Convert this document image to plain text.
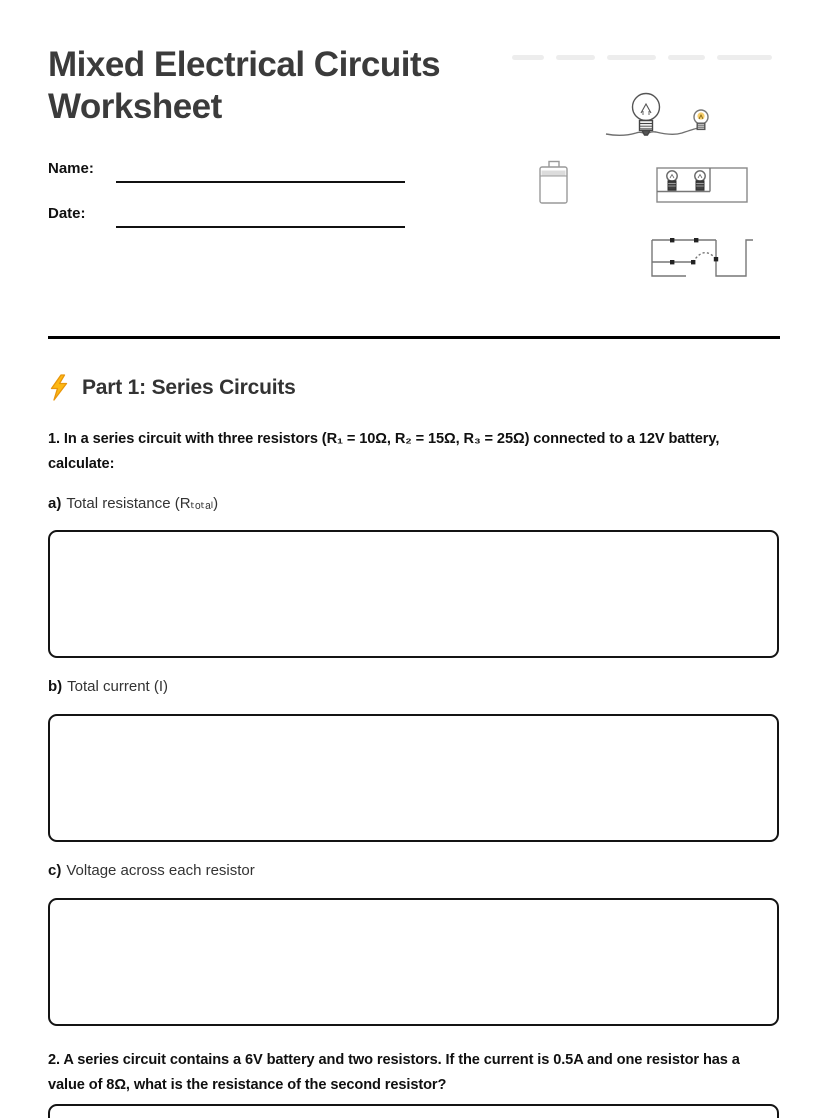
Mixed Electrical Circuits Worksheet
Name:
Date:
Part 1: Series Circuits

1. In a series circuit with three resistors (R₁ = 10Ω, R₂ = 15Ω, R₃ = 25Ω) connected to a 12V battery,
calculate:

a) Total resistance (Rₜₒₜₐₗ)
b) Total current (I)
c) Voltage across each resistor

2. A series circuit contains a 6V battery and two resistors. If the current is 0.5A and one resistor has a
value of 8Ω, what is the resistance of the second resistor?
